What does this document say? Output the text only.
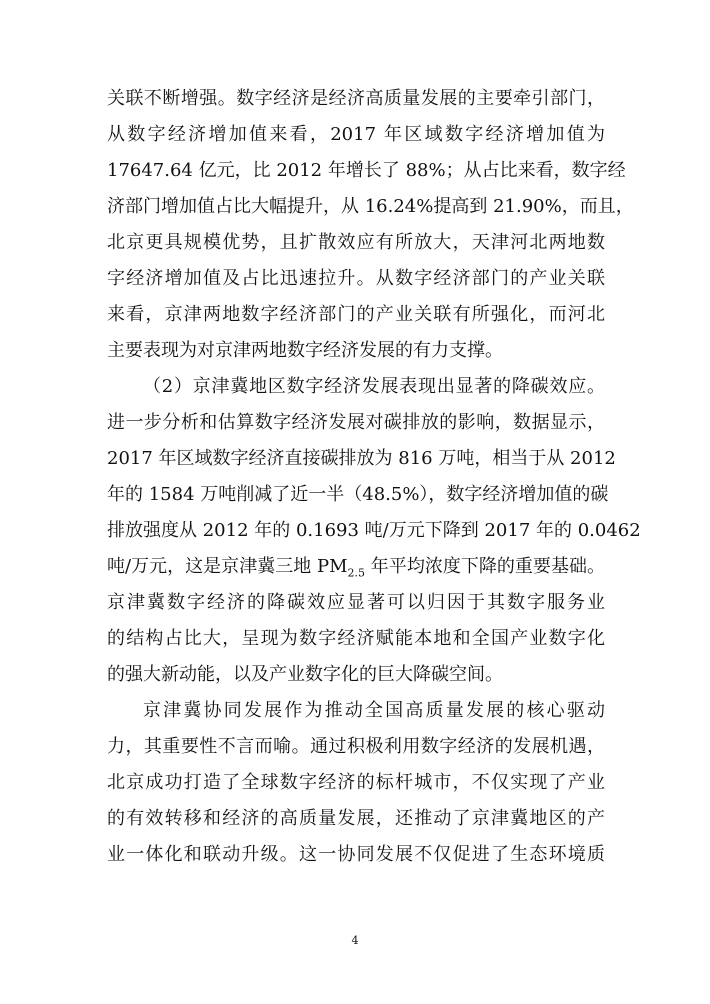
关联不断增强。数字经济是经济高质量发展的主要牵引部门，
从数字经济增加值来看，2017 年区域数字经济增加值为
17647.64 亿元，比 2012 年增长了 88%；从占比来看，数字经
济部门增加值占比大幅提升，从 16.24%提高到 21.90%，而且，
北京更具规模优势，且扩散效应有所放大，天津河北两地数
字经济增加值及占比迅速拉升。从数字经济部门的产业关联
来看，京津两地数字经济部门的产业关联有所强化，而河北
主要表现为对京津两地数字经济发展的有力支撑。
（2）京津冀地区数字经济发展表现出显著的降碳效应。
进一步分析和估算数字经济发展对碳排放的影响，数据显示，
2017 年区域数字经济直接碳排放为 816 万吨，相当于从 2012
年的 1584 万吨削减了近一半（48.5%），数字经济增加值的碳
排放强度从 2012 年的 0.1693 吨/万元下降到 2017 年的 0.0462
吨/万元，这是京津冀三地 $PM_{2.5}$ 年平均浓度下降的重要基础。
京津冀数字经济的降碳效应显著可以归因于其数字服务业
的结构占比大，呈现为数字经济赋能本地和全国产业数字化
的强大新动能，以及产业数字化的巨大降碳空间。
京津冀协同发展作为推动全国高质量发展的核心驱动
力，其重要性不言而喻。通过积极利用数字经济的发展机遇，
北京成功打造了全球数字经济的标杆城市，不仅实现了产业
的有效转移和经济的高质量发展，还推动了京津冀地区的产
业一体化和联动升级。这一协同发展不仅促进了生态环境质
4
